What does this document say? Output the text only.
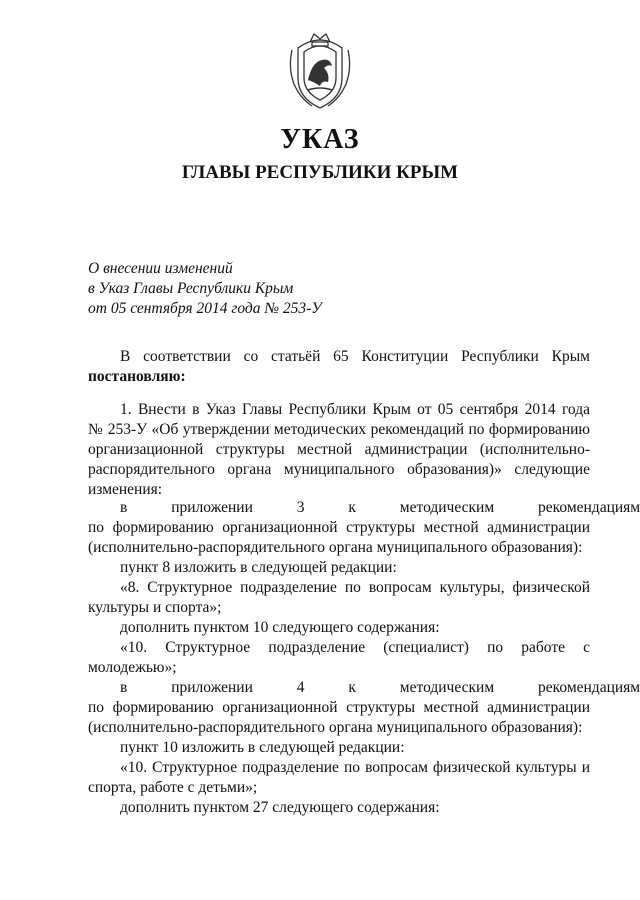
УКАЗ
ГЛАВЫ РЕСПУБЛИКИ КРЫМ
О внесении изменений
в Указ Главы Республики Крым
от 05 сентября 2014 года № 253-У
В соответствии со статьёй 65 Конституции Республики Крым
постановляю:
1. Внести в Указ Главы Республики Крым от 05 сентября 2014 года
№ 253-У «Об утверждении методических рекомендаций по формированию
организационной структуры местной администрации (исполнительно-
распорядительного органа муниципального образования)» следующие
изменения:
в приложении 3 к методическим рекомендациям
по формированию организационной структуры местной администрации
(исполнительно-распорядительного органа муниципального образования):
пункт 8 изложить в следующей редакции:
«8. Структурное подразделение по вопросам культуры, физической
культуры и спорта»;
дополнить пунктом 10 следующего содержания:
«10. Структурное подразделение (специалист) по работе с
молодежью»;
в приложении 4 к методическим рекомендациям
по формированию организационной структуры местной администрации
(исполнительно-распорядительного органа муниципального образования):
пункт 10 изложить в следующей редакции:
«10. Структурное подразделение по вопросам физической культуры и
спорта, работе с детьми»;
дополнить пунктом 27 следующего содержания:
